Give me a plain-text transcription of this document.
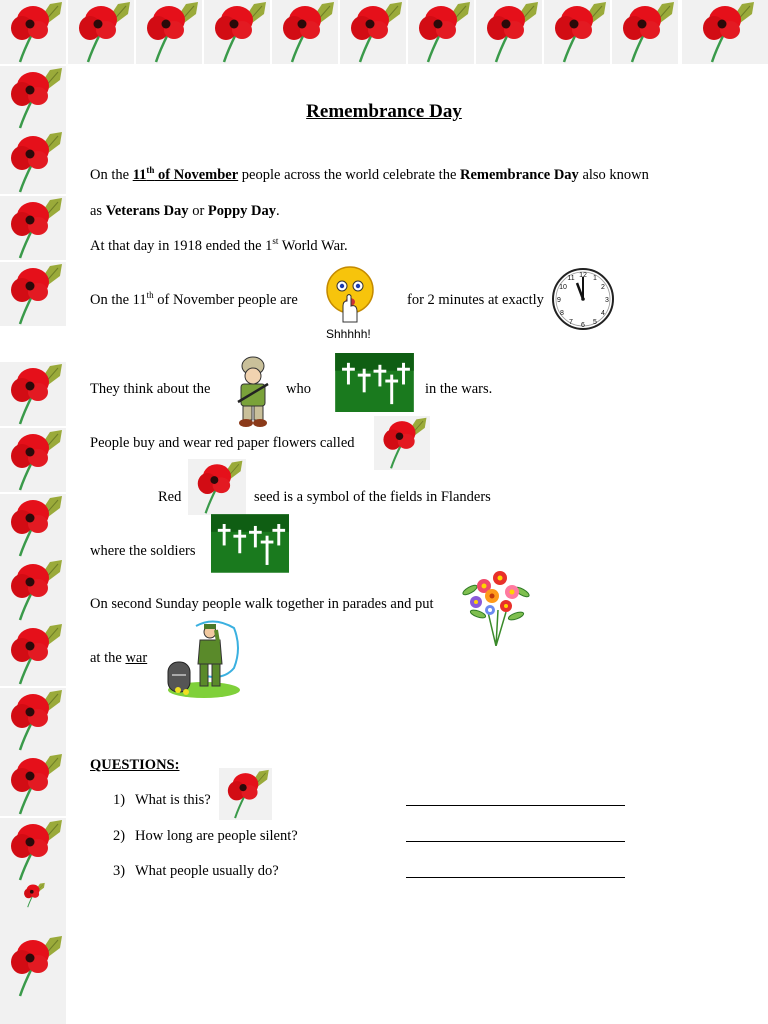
Remembrance Day
On the 11th of November people across the world celebrate the Remembrance Day also known
as Veterans Day or Poppy Day.
At that day in 1918 ended the 1st World War.
On the 11th of November people are
Shhhhh!
for 2 minutes at exactly
12 1
2
3
4
5
6
7
8
9
10
11
They think about the	who	in the wars.
People buy and wear red paper flowers called
Red	seed is a symbol of the fields in Flanders
where the soldiers
On second Sunday people walk together in parades and put
at the war
QUESTIONS:
1) What is this?
2) How long are people silent?
3) What people usually do?
